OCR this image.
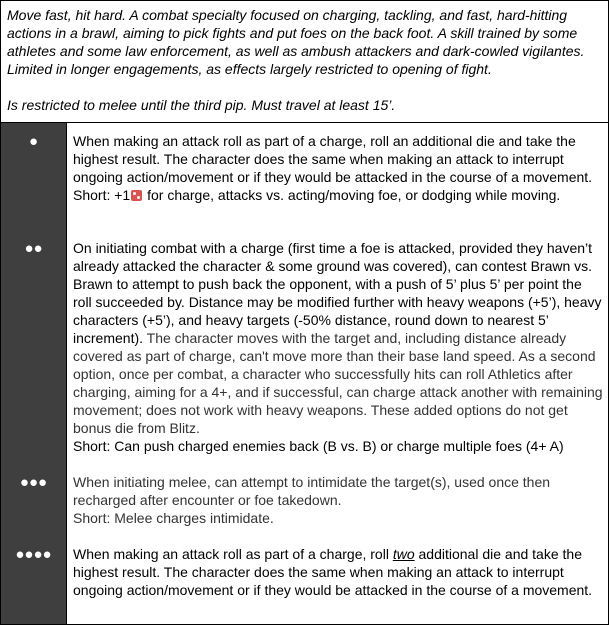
Move fast, hit hard. A combat specialty focused on charging, tackling, and fast, hard-hitting actions in a brawl, aiming to pick fights and put foes on the back foot. A skill trained by some athletes and some law enforcement, as well as ambush attackers and dark-cowled vigilantes. Limited in longer engagements, as effects largely restricted to opening of fight.

Is restricted to melee until the third pip. Must travel at least 15’.

●
●●
●●●
●●●●
When making an attack roll as part of a charge, roll an additional die and take the highest result. The character does the same when making an attack to interrupt ongoing action/movement or if they would be attacked in the course of a movement.
Short: +1 for charge, attacks vs. acting/moving foe, or dodging while moving.
On initiating combat with a charge (first time a foe is attacked, provided they haven’t already attacked the character & some ground was covered), can contest Brawn vs. Brawn to attempt to push back the opponent, with a push of 5’ plus 5’ per point the roll succeeded by. Distance may be modified further with heavy weapons (+5’), heavy characters (+5’), and heavy targets (-50% distance, round down to nearest 5’ increment). The character moves with the target and, including distance already covered as part of charge, can't move more than their base land speed. As a second option, once per combat, a character who successfully hits can roll Athletics after charging, aiming for a 4+, and if successful, can charge attack another with remaining movement; does not work with heavy weapons. These added options do not get bonus die from Blitz.
Short: Can push charged enemies back (B vs. B) or charge multiple foes (4+ A)
When initiating melee, can attempt to intimidate the target(s), used once then recharged after encounter or foe takedown.
Short: Melee charges intimidate.
When making an attack roll as part of a charge, roll two additional die and take the highest result. The character does the same when making an attack to interrupt ongoing action/movement or if they would be attacked in the course of a movement.
